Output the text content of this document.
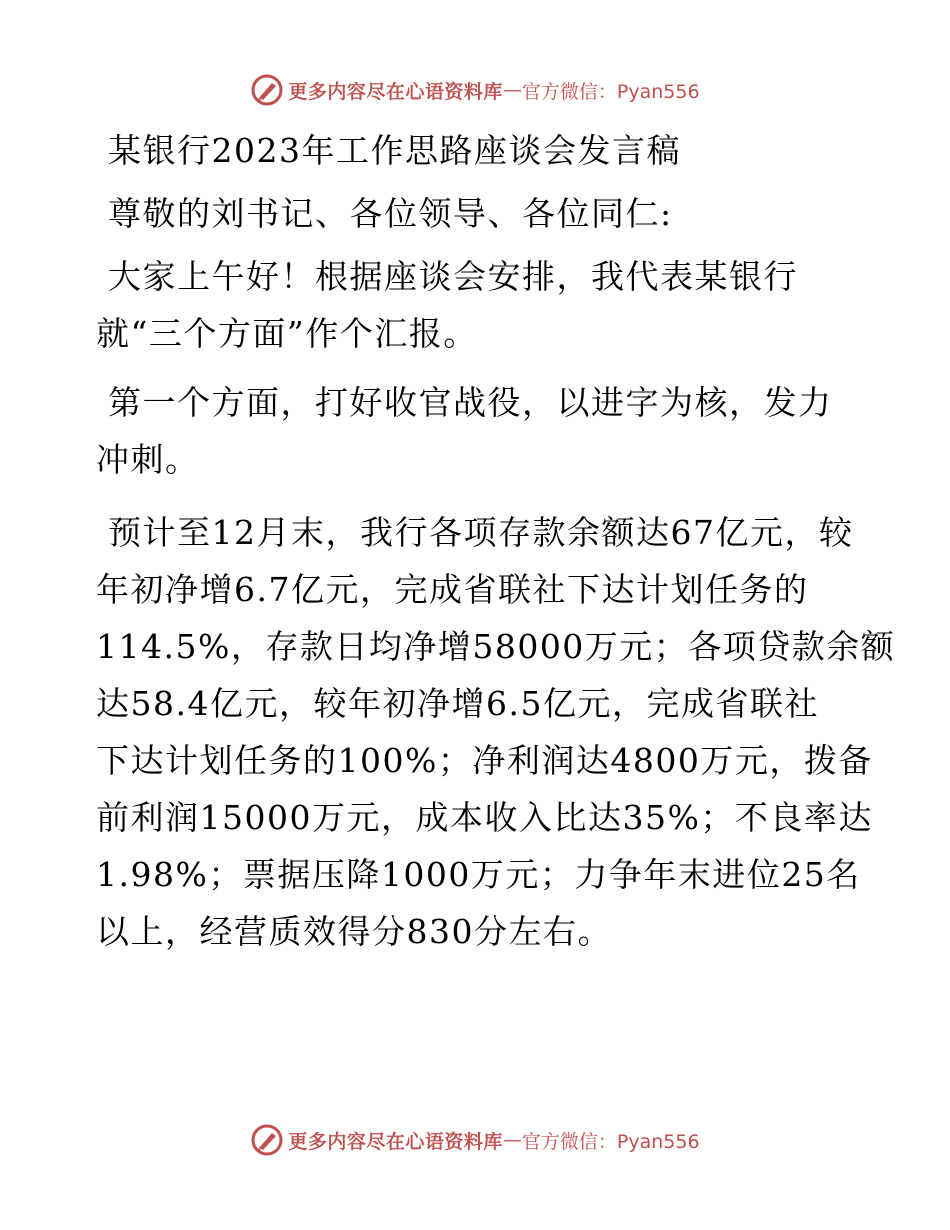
更多内容尽在心语资料库 — 官方微信：Pyan556
某银行2023年工作思路座谈会发言稿
尊敬的刘书记、各位领导、各位同仁:
大家上午好！根据座谈会安排，我代表某银行
就“三个方面”作个汇报。
第一个方面，打好收官战役，以进字为核，发力
冲刺。
预计至12月末，我行各项存款余额达67亿元，较
年初净增6.7亿元，完成省联社下达计划任务的
114.5%，存款日均净增58000万元；各项贷款余额
达58.4亿元，较年初净增6.5亿元，完成省联社
下达计划任务的100%；净利润达4800万元，拨备
前利润15000万元，成本收入比达35%；不良率达
1.98%；票据压降1000万元；力争年末进位25名
以上，经营质效得分830分左右。
更多内容尽在心语资料库 — 官方微信：Pyan556
